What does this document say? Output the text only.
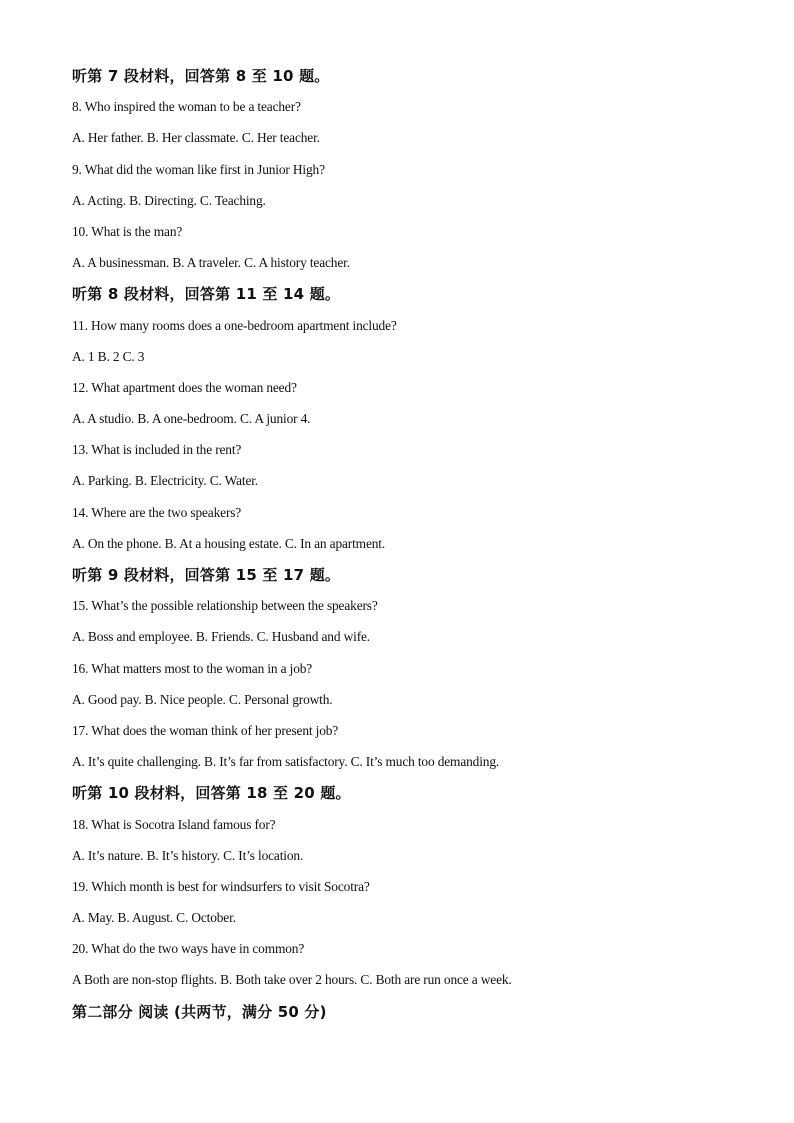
听第 7 段材料，回答第 8 至 10 题。
8. Who inspired the woman to be a teacher?
A. Her father. B. Her classmate. C. Her teacher.
9. What did the woman like first in Junior High?
A. Acting. B. Directing. C. Teaching.
10. What is the man?
A. A businessman. B. A traveler. C. A history teacher.
听第 8 段材料，回答第 11 至 14 题。
11. How many rooms does a one-bedroom apartment include?
A. 1 B. 2 C. 3
12. What apartment does the woman need?
A. A studio. B. A one-bedroom. C. A junior 4.
13. What is included in the rent?
A. Parking. B. Electricity. C. Water.
14. Where are the two speakers?
A. On the phone. B. At a housing estate. C. In an apartment.
听第 9 段材料，回答第 15 至 17 题。
15. What’s the possible relationship between the speakers?
A. Boss and employee. B. Friends. C. Husband and wife.
16. What matters most to the woman in a job?
A. Good pay. B. Nice people. C. Personal growth.
17. What does the woman think of her present job?
A. It’s quite challenging. B. It’s far from satisfactory. C. It’s much too demanding.
听第 10 段材料，回答第 18 至 20 题。
18. What is Socotra Island famous for?
A. It’s nature. B. It’s history. C. It’s location.
19. Which month is best for windsurfers to visit Socotra?
A. May. B. August. C. October.
20. What do the two ways have in common?
A Both are non-stop flights. B. Both take over 2 hours. C. Both are run once a week.
第二部分 阅读 (共两节，满分 50 分)
